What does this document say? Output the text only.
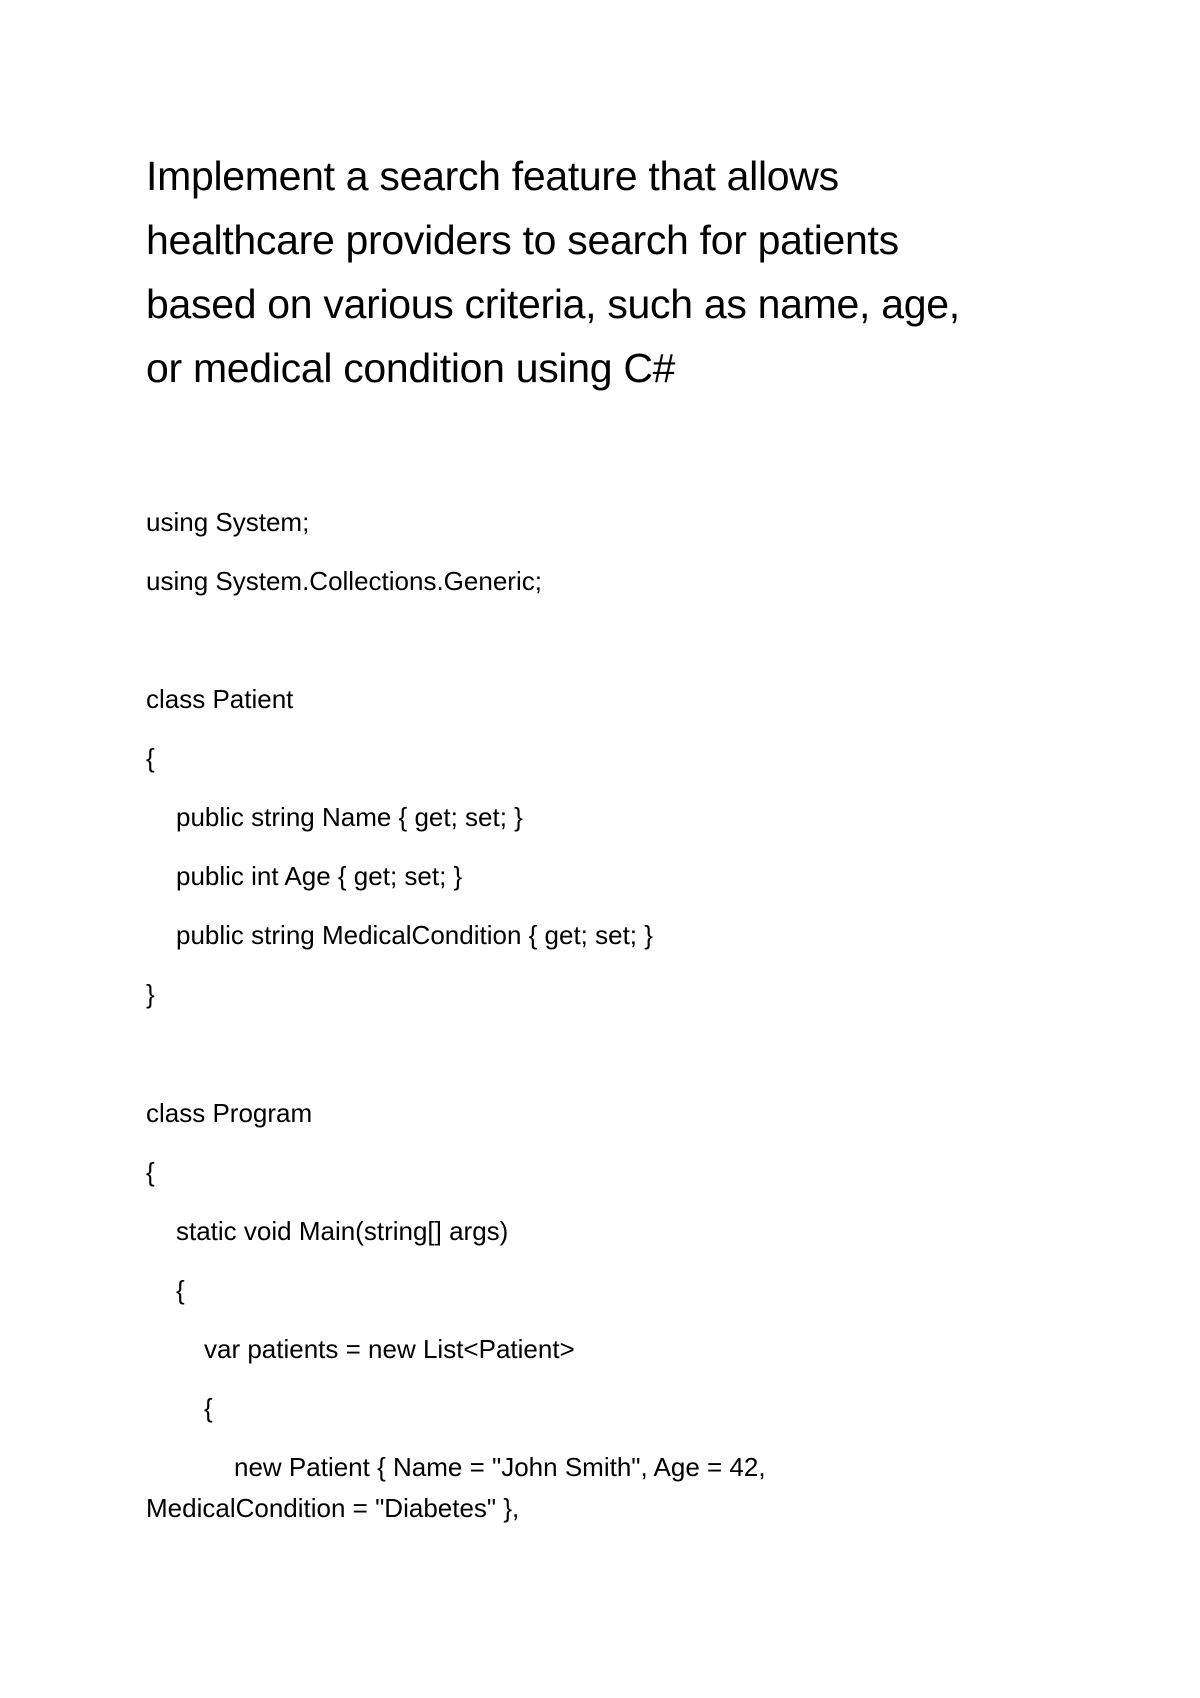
Implement a search feature that allows
healthcare providers to search for patients
based on various criteria, such as name, age,
or medical condition using C#
using System;
using System.Collections.Generic;
class Patient
{
public string Name { get; set; }
public int Age { get; set; }
public string MedicalCondition { get; set; }
}
class Program
{
static void Main(string[] args)
{
var patients = new List<Patient>
{
new Patient { Name = "John Smith", Age = 42,
MedicalCondition = "Diabetes" },
